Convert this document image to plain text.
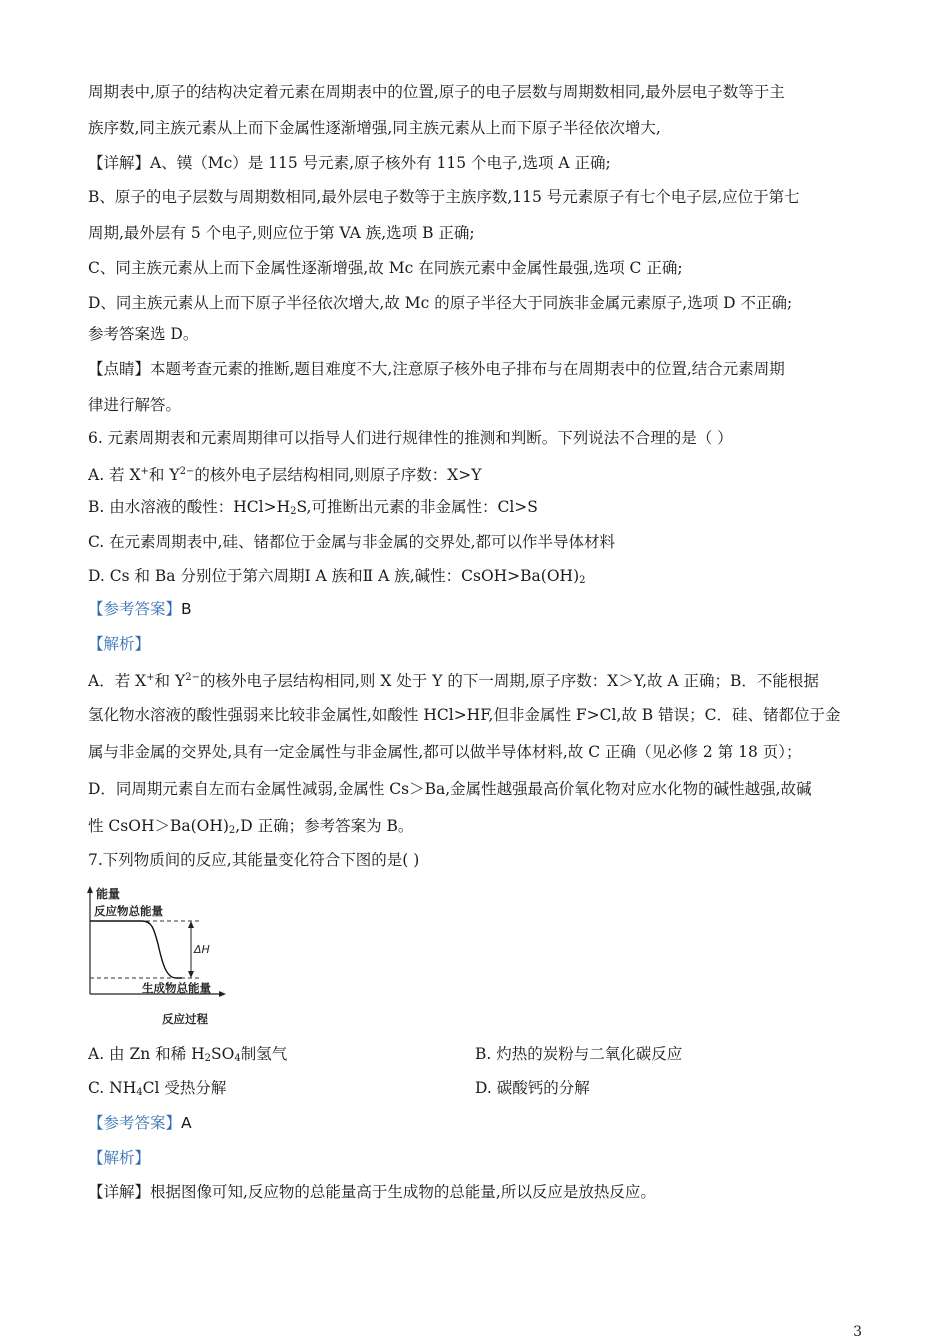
周期表中,原子的结构决定着元素在周期表中的位置,原子的电子层数与周期数相同,最外层电子数等于主
族序数,同主族元素从上而下金属性逐渐增强,同主族元素从上而下原子半径依次增大,
【详解】A、镆（Mc）是 115 号元素,原子核外有 115 个电子,选项 A 正确;
B、原子的电子层数与周期数相同,最外层电子数等于主族序数,115 号元素原子有七个电子层,应位于第七
周期,最外层有 5 个电子,则应位于第 VA 族,选项 B 正确;
C、同主族元素从上而下金属性逐渐增强,故 Mc 在同族元素中金属性最强,选项 C 正确;
D、同主族元素从上而下原子半径依次增大,故 Mc 的原子半径大于同族非金属元素原子,选项 D 不正确;
参考答案选 D。
【点睛】本题考查元素的推断,题目难度不大,注意原子核外电子排布与在周期表中的位置,结合元素周期
律进行解答。
6. 元素周期表和元素周期律可以指导人们进行规律性的推测和判断。下列说法不合理的是（ ）
A. 若 X+和 $Y^{2-}$的核外电子层结构相同,则原子序数：X>Y
B. 由水溶液的酸性：$HCl>H_2S$,可推断出元素的非金属性：Cl>S
C. 在元素周期表中,硅、锗都位于金属与非金属的交界处,都可以作半导体材料
D. Cs 和 Ba 分别位于第六周期Ⅰ A 族和Ⅱ A 族,碱性：$CsOH>Ba(OH)_2$
【参考答案】B
【解析】
A．若 X+和 $Y^{2-}$的核外电子层结构相同,则 X 处于 Y 的下一周期,原子序数：X＞Y,故 A 正确；B．不能根据
氢化物水溶液的酸性强弱来比较非金属性,如酸性 HCl>HF,但非金属性 F>Cl,故 B 错误；C．硅、锗都位于金
属与非金属的交界处,具有一定金属性与非金属性,都可以做半导体材料,故 C 正确（见必修 2 第 18 页）；
D．同周期元素自左而右金属性减弱,金属性 Cs＞Ba,金属性越强最高价氧化物对应水化物的碱性越强,故碱
性 $CsOH>Ba(OH)_2,D$ 正确；参考答案为 B。
7.下列物质间的反应,其能量变化符合下图的是( )
能量
反应物总能量
ΔH
生成物总能量
反应过程
A. 由 Zn 和稀 $H_2SO_4$制氢气	B. 灼热的炭粉与二氧化碳反应
C. $NH_4Cl$ 受热分解	D. 碳酸钙的分解
【参考答案】A
【解析】
【详解】根据图像可知,反应物的总能量高于生成物的总能量,所以反应是放热反应。
3
